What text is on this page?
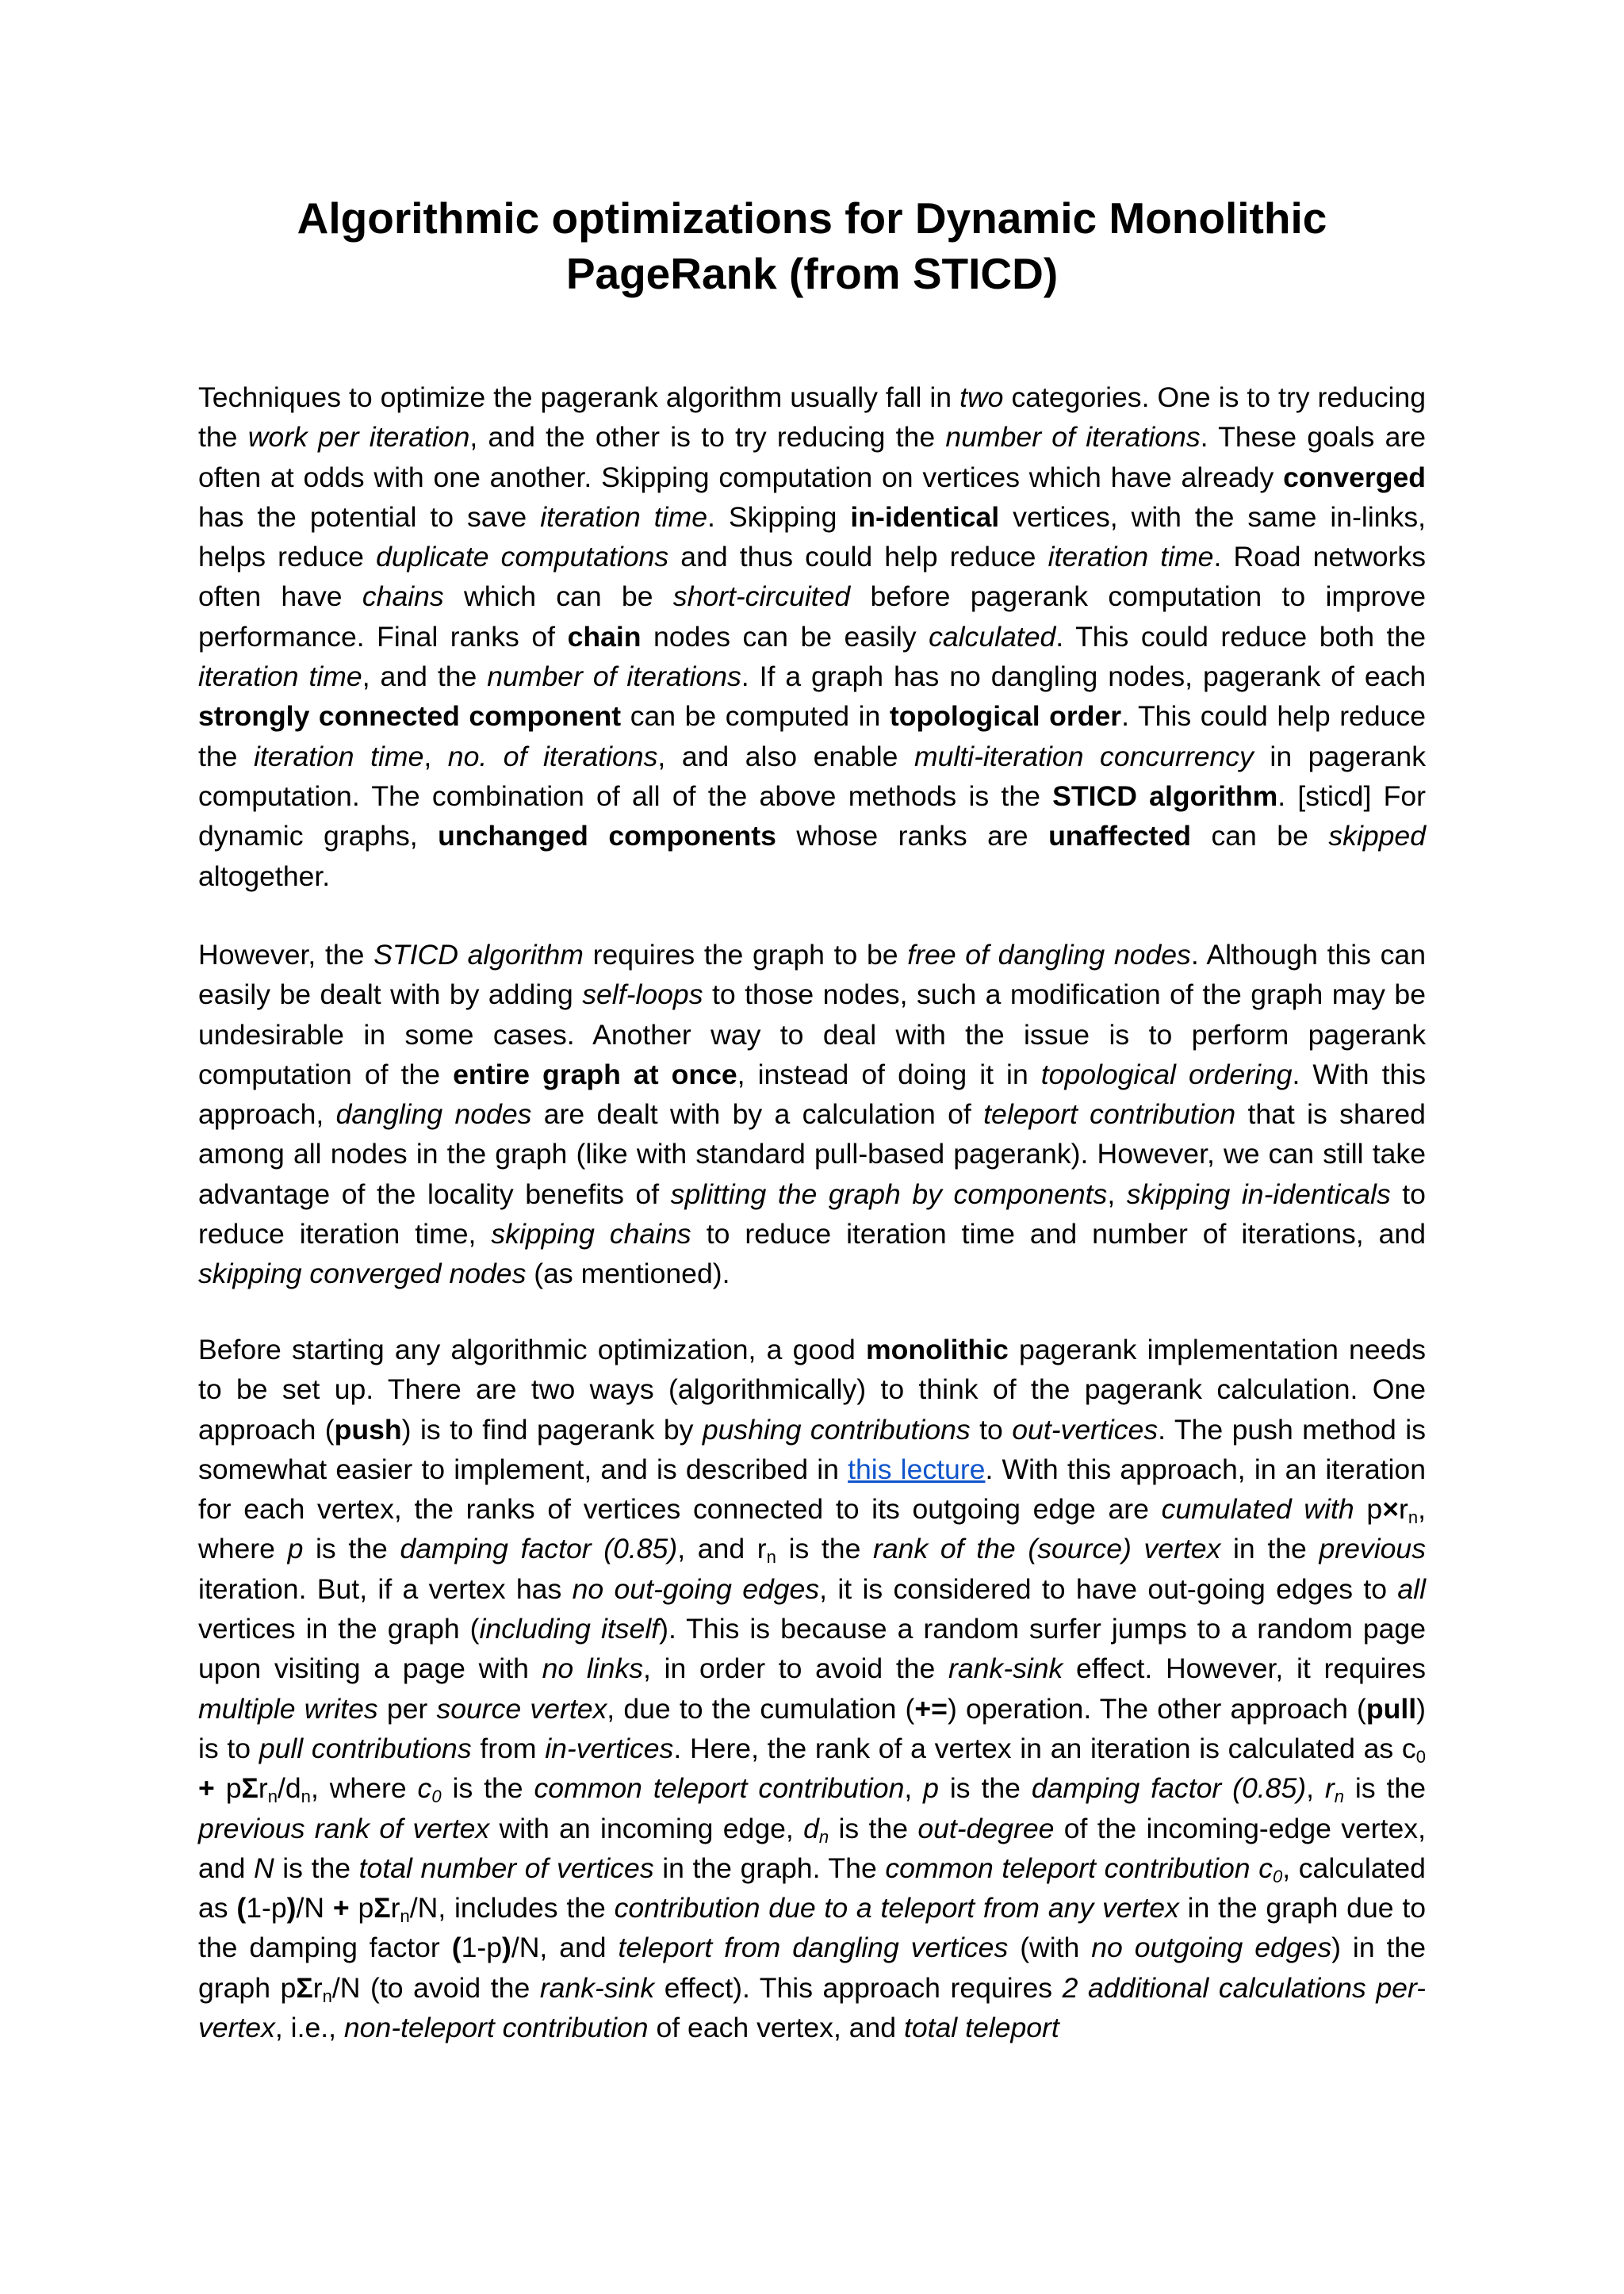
Algorithmic optimizations for Dynamic Monolithic
PageRank (from STICD)

Techniques to optimize the pagerank algorithm usually fall in two categories. One is to try reducing the work per iteration, and the other is to try reducing the number of iterations. These goals are often at odds with one another. Skipping computation on vertices which have already converged has the potential to save iteration time. Skipping in-identical vertices, with the same in-links, helps reduce duplicate computations and thus could help reduce iteration time. Road networks often have chains which can be short-circuited before pagerank computation to improve performance. Final ranks of chain nodes can be easily calculated. This could reduce both the iteration time, and the number of iterations. If a graph has no dangling nodes, pagerank of each strongly connected component can be computed in topological order. This could help reduce the iteration time, no. of iterations, and also enable multi-iteration concurrency in pagerank computation. The combination of all of the above methods is the STICD algorithm. [sticd] For dynamic graphs, unchanged components whose ranks are unaffected can be skipped altogether.

However, the STICD algorithm requires the graph to be free of dangling nodes. Although this can easily be dealt with by adding self-loops to those nodes, such a modification of the graph may be undesirable in some cases. Another way to deal with the issue is to perform pagerank computation of the entire graph at once, instead of doing it in topological ordering. With this approach, dangling nodes are dealt with by a calculation of teleport contribution that is shared among all nodes in the graph (like with standard pull-based pagerank). However, we can still take advantage of the locality benefits of splitting the graph by components, skipping in-identicals to reduce iteration time, skipping chains to reduce iteration time and number of iterations, and skipping converged nodes (as mentioned).

Before starting any algorithmic optimization, a good monolithic pagerank implementation needs to be set up. There are two ways (algorithmically) to think of the pagerank calculation. One approach (push) is to find pagerank by pushing contributions to out-vertices. The push method is somewhat easier to implement, and is described in this lecture. With this approach, in an iteration for each vertex, the ranks of vertices connected to its outgoing edge are cumulated with $p\times r_n$, where p is the damping factor (0.85), and $r_n$ is the rank of the (source) vertex in the previous iteration. But, if a vertex has no out-going edges, it is considered to have out-going edges to all vertices in the graph (including itself). This is because a random surfer jumps to a random page upon visiting a page with no links, in order to avoid the rank-sink effect. However, it requires multiple writes per source vertex, due to the cumulation (+=) operation. The other approach (pull) is to pull contributions from in-vertices. Here, the rank of a vertex in an iteration is calculated as $c_0 + p\Sigma r_n/d_n$, where $c_0$ is the common teleport contribution, p is the damping factor (0.85), $r_n$ is the previous rank of vertex with an incoming edge, $d_n$ is the out-degree of the incoming-edge vertex, and N is the total number of vertices in the graph. The common teleport contribution $c_0$, calculated as (1-p)/N + pΣr$_n$/N, includes the contribution due to a teleport from any vertex in the graph due to the damping factor (1-p)/N, and teleport from dangling vertices (with no outgoing edges) in the graph pΣr$_n$/N (to avoid the rank-sink effect). This approach requires 2 additional calculations per-vertex, i.e., non-teleport contribution of each vertex, and total teleport
